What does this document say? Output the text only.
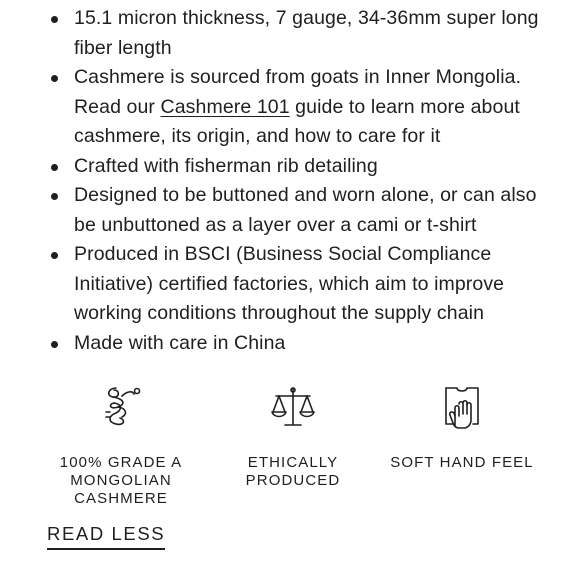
15.1 micron thickness, 7 gauge, 34-36mm super long fiber length
Cashmere is sourced from goats in Inner Mongolia. Read our Cashmere 101 guide to learn more about cashmere, its origin, and how to care for it
Crafted with fisherman rib detailing
Designed to be buttoned and worn alone, or can also be unbuttoned as a layer over a cami or t-shirt
Produced in BSCI (Business Social Compliance Initiative) certified factories, which aim to improve working conditions throughout the supply chain
Made with care in China
100% GRADE A MONGOLIAN CASHMERE
ETHICALLY PRODUCED
SOFT HAND FEEL
READ LESS
